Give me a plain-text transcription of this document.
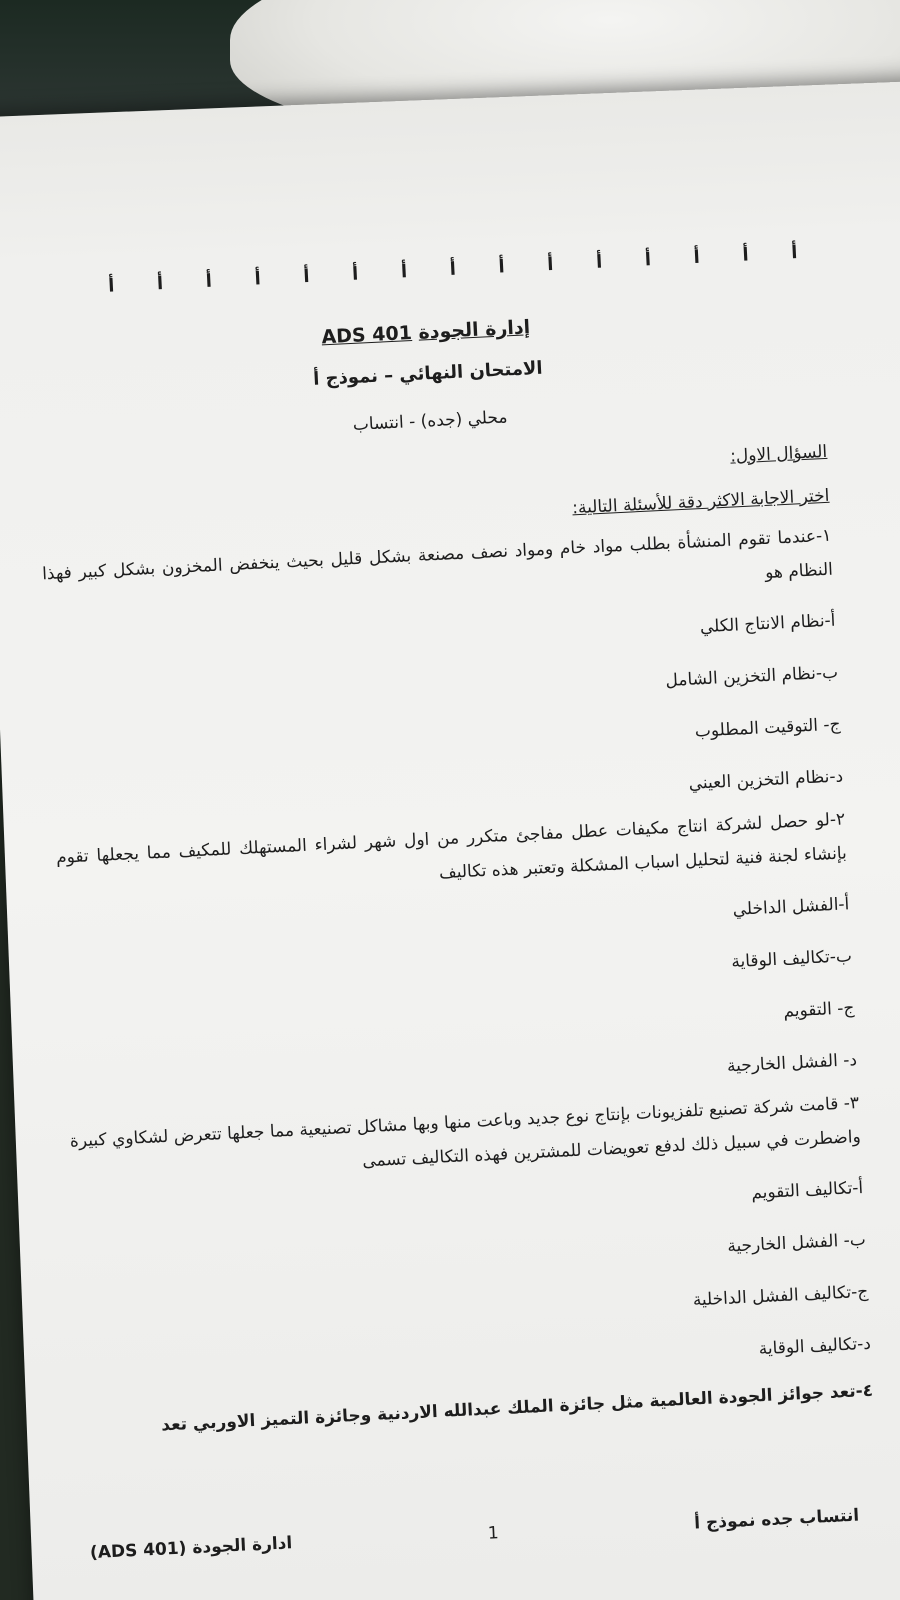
أ
أ
أ
أ
أ
أ
أ
أ
أ
أ
أ
أ
أ
أ
أ
إدارة الجودة ADS 401
الامتحان النهائي – نموذج أ
محلي (جده) - انتساب
السؤال الاول:
اختر الاجابة الاكثر دقة للأسئلة التالية:
١-عندما تقوم المنشأة بطلب مواد خام ومواد نصف مصنعة بشكل قليل بحيث ينخفض المخزون بشكل كبير فهذا النظام هو
أ-نظام الانتاج الكلي
ب-نظام التخزين الشامل
ج- التوقيت المطلوب
د-نظام التخزين العيني
٢-لو حصل لشركة انتاج مكيفات عطل مفاجئ متكرر من اول شهر لشراء المستهلك للمكيف مما يجعلها تقوم بإنشاء لجنة فنية لتحليل اسباب المشكلة وتعتبر هذه تكاليف
أ-الفشل الداخلي
ب-تكاليف الوقاية
ج- التقويم
د- الفشل الخارجية
٣- قامت شركة تصنيع تلفزيونات بإنتاج نوع جديد وباعت منها وبها مشاكل تصنيعية مما جعلها تتعرض لشكاوي كبيرة واضطرت في سبيل ذلك لدفع تعويضات للمشترين فهذه التكاليف تسمى
أ-تكاليف التقويم
ب- الفشل الخارجية
ج-تكاليف الفشل الداخلية
د-تكاليف الوقاية
٤-تعد جوائز الجودة العالمية مثل جائزة الملك عبدالله الاردنية وجائزة التميز الاوربي تعد
انتساب جده نموذج أ
1
ادارة الجودة (ADS 401)
